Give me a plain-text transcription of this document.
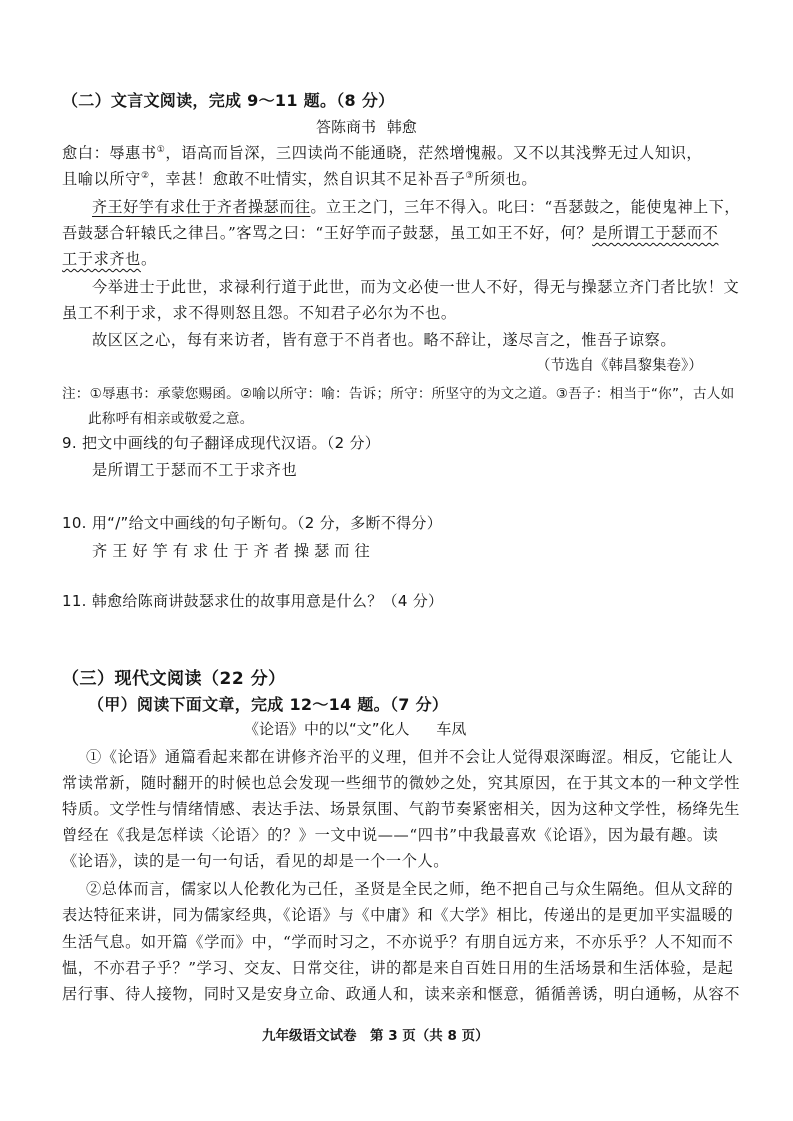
（二）文言文阅读，完成 9～11 题。（8 分）
答陈商书 韩愈
愈白：辱惠书①，语高而旨深，三四读尚不能通晓，茫然增愧赧。又不以其浅弊无过人知识，
且喻以所守②，幸甚！愈敢不吐情实，然自识其不足补吾子③所须也。
齐王好竽有求仕于齐者操瑟而往。立王之门，三年不得入。叱曰：“吾瑟鼓之，能使鬼神上下，
吾鼓瑟合轩辕氏之律吕。”客骂之曰：“王好竽而子鼓瑟，虽工如王不好，何？是所谓工于瑟而不
工于求齐也。
今举进士于此世，求禄利行道于此世，而为文必使一世人不好，得无与操瑟立齐门者比欤！文
虽工不利于求，求不得则怒且怨。不知君子必尔为不也。
故区区之心，每有来访者，皆有意于不肖者也。略不辞让，遂尽言之，惟吾子谅察。
（节选自《韩昌黎集卷》）
注：①辱惠书：承蒙您赐函。②喻以所守：喻：告诉；所守：所坚守的为文之道。③吾子：相当于“你”，古人如
此称呼有相亲或敬爱之意。
9. 把文中画线的句子翻译成现代汉语。（2 分）
是所谓工于瑟而不工于求齐也
10. 用“/”给文中画线的句子断句。（2 分，多断不得分）
齐王好竽有求仕于齐者操瑟而往
11. 韩愈给陈商讲鼓瑟求仕的故事用意是什么？（4 分）
（三）现代文阅读（22 分）
（甲）阅读下面文章，完成 12～14 题。（7 分）
《论语》中的以“文”化人 车凤
①《论语》通篇看起来都在讲修齐治平的义理，但并不会让人觉得艰深晦涩。相反，它能让人
常读常新，随时翻开的时候也总会发现一些细节的微妙之处，究其原因，在于其文本的一种文学性
特质。文学性与情绪情感、表达手法、场景氛围、气韵节奏紧密相关，因为这种文学性，杨绛先生
曾经在《我是怎样读〈论语〉的？》一文中说——“四书”中我最喜欢《论语》，因为最有趣。读
《论语》，读的是一句一句话，看见的却是一个一个人。
②总体而言，儒家以人伦教化为己任，圣贤是全民之师，绝不把自己与众生隔绝。但从文辞的
表达特征来讲，同为儒家经典，《论语》与《中庸》和《大学》相比，传递出的是更加平实温暖的
生活气息。如开篇《学而》中，“学而时习之，不亦说乎？有朋自远方来，不亦乐乎？人不知而不
愠，不亦君子乎？”学习、交友、日常交往，讲的都是来自百姓日用的生活场景和生活体验，是起
居行事、待人接物，同时又是安身立命、政通人和，读来亲和惬意，循循善诱，明白通畅，从容不
九年级语文试卷　第 3 页（共 8 页）
